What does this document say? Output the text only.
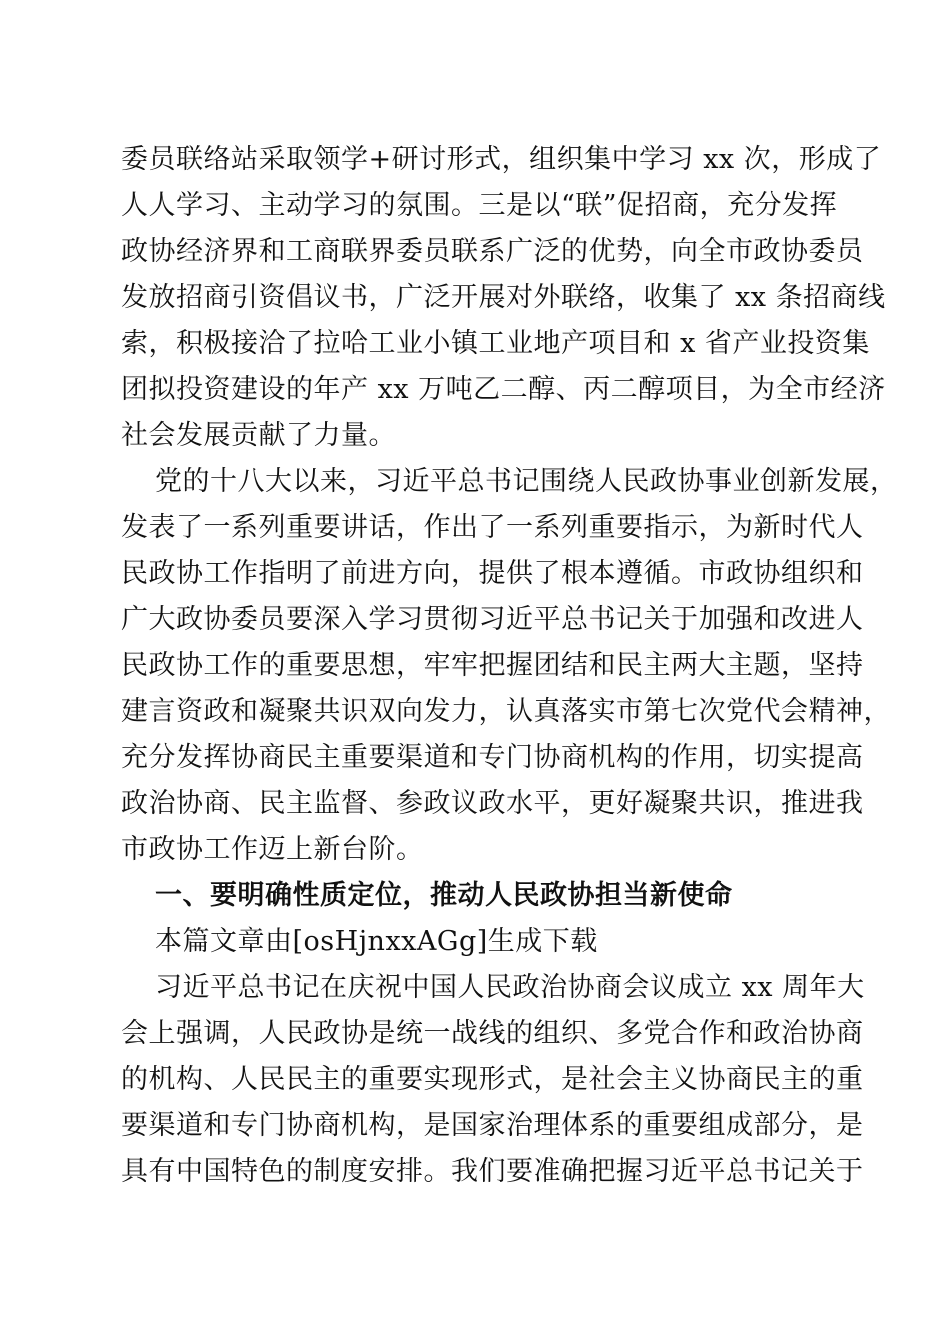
委员联络站采取领学+研讨形式，组织集中学习 xx 次，形成了
人人学习、主动学习的氛围。三是以“联”促招商，充分发挥
政协经济界和工商联界委员联系广泛的优势，向全市政协委员
发放招商引资倡议书，广泛开展对外联络，收集了 xx 条招商线
索，积极接洽了拉哈工业小镇工业地产项目和 x 省产业投资集
团拟投资建设的年产 xx 万吨乙二醇、丙二醇项目，为全市经济
社会发展贡献了力量。
党的十八大以来，习近平总书记围绕人民政协事业创新发展，
发表了一系列重要讲话，作出了一系列重要指示，为新时代人
民政协工作指明了前进方向，提供了根本遵循。市政协组织和
广大政协委员要深入学习贯彻习近平总书记关于加强和改进人
民政协工作的重要思想，牢牢把握团结和民主两大主题，坚持
建言资政和凝聚共识双向发力，认真落实市第七次党代会精神，
充分发挥协商民主重要渠道和专门协商机构的作用，切实提高
政治协商、民主监督、参政议政水平，更好凝聚共识，推进我
市政协工作迈上新台阶。
一、要明确性质定位，推动人民政协担当新使命
本篇文章由[osHjnxxAGg]生成下载
习近平总书记在庆祝中国人民政治协商会议成立 xx 周年大
会上强调，人民政协是统一战线的组织、多党合作和政治协商
的机构、人民民主的重要实现形式，是社会主义协商民主的重
要渠道和专门协商机构，是国家治理体系的重要组成部分，是
具有中国特色的制度安排。我们要准确把握习近平总书记关于
